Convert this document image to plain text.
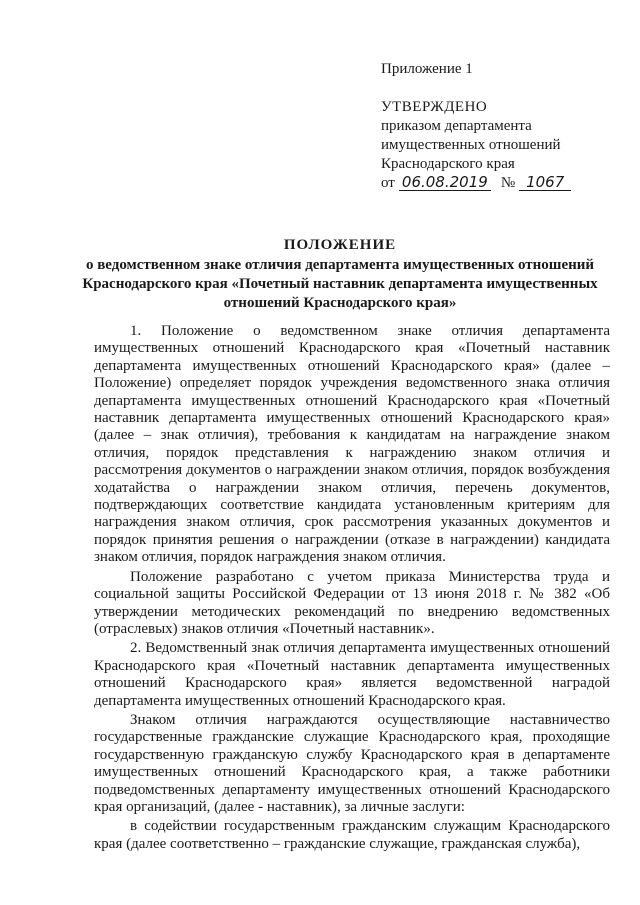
Приложение 1
УТВЕРЖДЕНО
приказом департамента
имущественных отношений
Краснодарского края
от 06.08.2019 № 1067
ПОЛОЖЕНИЕ
о ведомственном знаке отличия департамента имущественных отношений Краснодарского края «Почетный наставник департамента имущественных отношений Краснодарского края»

1. Положение о ведомственном знаке отличия департамента имущественных отношений Краснодарского края «Почетный наставник департамента имущественных отношений Краснодарского края» (далее – Положение) определяет порядок учреждения ведомственного знака отличия департамента имущественных отношений Краснодарского края «Почетный наставник департамента имущественных отношений Краснодарского края» (далее – знак отличия), требования к кандидатам на награждение знаком отличия, порядок представления к награждению знаком отличия и рассмотрения документов о награждении знаком отличия, порядок возбуждения ходатайства о награждении знаком отличия, перечень документов, подтверждающих соответствие кандидата установленным критериям для награждения знаком отличия, срок рассмотрения указанных документов и порядок принятия решения о награждении (отказе в награждении) кандидата знаком отличия, порядок награждения знаком отличия.

Положение разработано с учетом приказа Министерства труда и социальной защиты Российской Федерации от 13 июня 2018 г. № 382 «Об утверждении методических рекомендаций по внедрению ведомственных (отраслевых) знаков отличия «Почетный наставник».

2. Ведомственный знак отличия департамента имущественных отношений Краснодарского края «Почетный наставник департамента имущественных отношений Краснодарского края» является ведомственной наградой департамента имущественных отношений Краснодарского края.

Знаком отличия награждаются осуществляющие наставничество государственные гражданские служащие Краснодарского края, проходящие государственную гражданскую службу Краснодарского края в департаменте имущественных отношений Краснодарского края, а также работники подведомственных департаменту имущественных отношений Краснодарского края организаций, (далее - наставник), за личные заслуги:

в содействии государственным гражданским служащим Краснодарского края (далее соответственно – гражданские служащие, гражданская служба),
